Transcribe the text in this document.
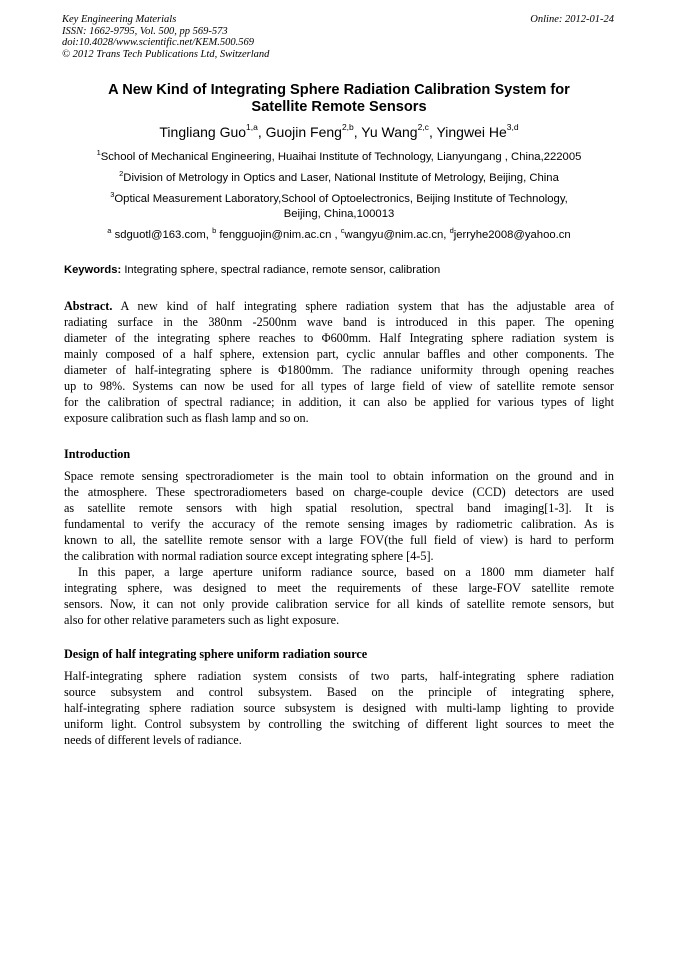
Key Engineering Materials
ISSN: 1662-9795, Vol. 500, pp 569-573
doi:10.4028/www.scientific.net/KEM.500.569
© 2012 Trans Tech Publications Ltd, Switzerland
Online: 2012-01-24
A New Kind of Integrating Sphere Radiation Calibration System for
Satellite Remote Sensors
Tingliang Guo$^{1,a}$, Guojin Feng$^{2,b}$, Yu Wang$^{2,c}$, Yingwei He$^{3,d}$
$^1$School of Mechanical Engineering, Huaihai Institute of Technology, Lianyungang , China,222005
$^2$Division of Metrology in Optics and Laser, National Institute of Metrology, Beijing, China
$^3$Optical Measurement Laboratory,School of Optoelectronics, Beijing Institute of Technology,
Beijing, China,100013
$^a$ sdguotl@163.com, $^b$ fengguojin@nim.ac.cn , $^c$wangyu@nim.ac.cn, $^d$jerryhe2008@yahoo.cn
Keywords: Integrating sphere, spectral radiance, remote sensor, calibration
Abstract. A new kind of half integrating sphere radiation system that has the adjustable area of
radiating surface in the 380nm -2500nm wave band is introduced in this paper. The opening
diameter of the integrating sphere reaches to Φ600mm. Half Integrating sphere radiation system is
mainly composed of a half sphere, extension part, cyclic annular baffles and other components. The
diameter of half-integrating sphere is Φ1800mm. The radiance uniformity through opening reaches
up to 98%. Systems can now be used for all types of large field of view of satellite remote sensor
for the calibration of spectral radiance; in addition, it can also be applied for various types of light
exposure calibration such as flash lamp and so on.
Introduction
Space remote sensing spectroradiometer is the main tool to obtain information on the ground and in
the atmosphere. These spectroradiometers based on charge-couple device (CCD) detectors are used
as satellite remote sensors with high spatial resolution, spectral band imaging[1-3]. It is
fundamental to verify the accuracy of the remote sensing images by radiometric calibration. As is
known to all, the satellite remote sensor with a large FOV(the full field of view) is hard to perform
the calibration with normal radiation source except integrating sphere [4-5].
In this paper, a large aperture uniform radiance source, based on a 1800 mm diameter half
integrating sphere, was designed to meet the requirements of these large-FOV satellite remote
sensors. Now, it can not only provide calibration service for all kinds of satellite remote sensors, but
also for other relative parameters such as light exposure.
Design of half integrating sphere uniform radiation source
Half-integrating sphere radiation system consists of two parts, half-integrating sphere radiation
source subsystem and control subsystem. Based on the principle of integrating sphere,
half-integrating sphere radiation source subsystem is designed with multi-lamp lighting to provide
uniform light. Control subsystem by controlling the switching of different light sources to meet the
needs of different levels of radiance.
